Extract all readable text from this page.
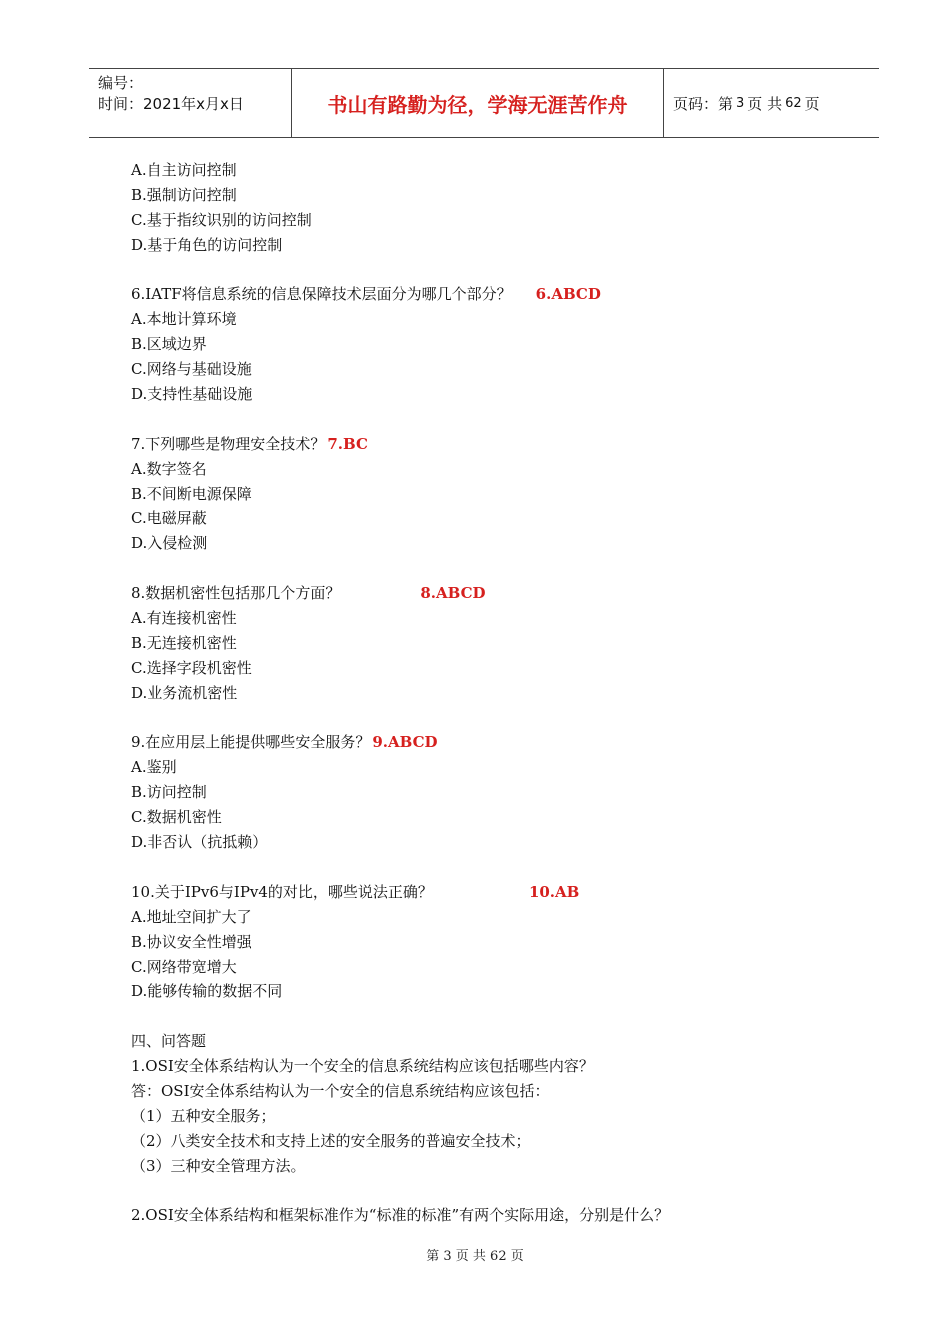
编号：
时间：2021年x月x日	书山有路勤为径，学海无涯苦作舟	页码：第 3 页 共 62 页
A.自主访问控制
B.强制访问控制
C.基于指纹识别的访问控制
D.基于角色的访问控制
6.IATF将信息系统的信息保障技术层面分为哪几个部分？ 6.ABCD
A.本地计算环境
B.区域边界
C.网络与基础设施
D.支持性基础设施
7.下列哪些是物理安全技术？ 7.BC
A.数字签名
B.不间断电源保障
C.电磁屏蔽
D.入侵检测
8.数据机密性包括那几个方面？	8.ABCD
A.有连接机密性
B.无连接机密性
C.选择字段机密性
D.业务流机密性
9.在应用层上能提供哪些安全服务？ 9.ABCD
A.鉴别
B.访问控制
C.数据机密性
D.非否认（抗抵赖）
10.关于IPv6与IPv4的对比，哪些说法正确？	10.AB
A.地址空间扩大了
B.协议安全性增强
C.网络带宽增大
D.能够传输的数据不同
四、问答题
1.OSI安全体系结构认为一个安全的信息系统结构应该包括哪些内容？
答：OSI安全体系结构认为一个安全的信息系统结构应该包括：
（1）五种安全服务；
（2）八类安全技术和支持上述的安全服务的普遍安全技术；
（3）三种安全管理方法。
2.OSI安全体系结构和框架标准作为“标准的标准”有两个实际用途，分别是什么？
第 3 页 共 62 页
